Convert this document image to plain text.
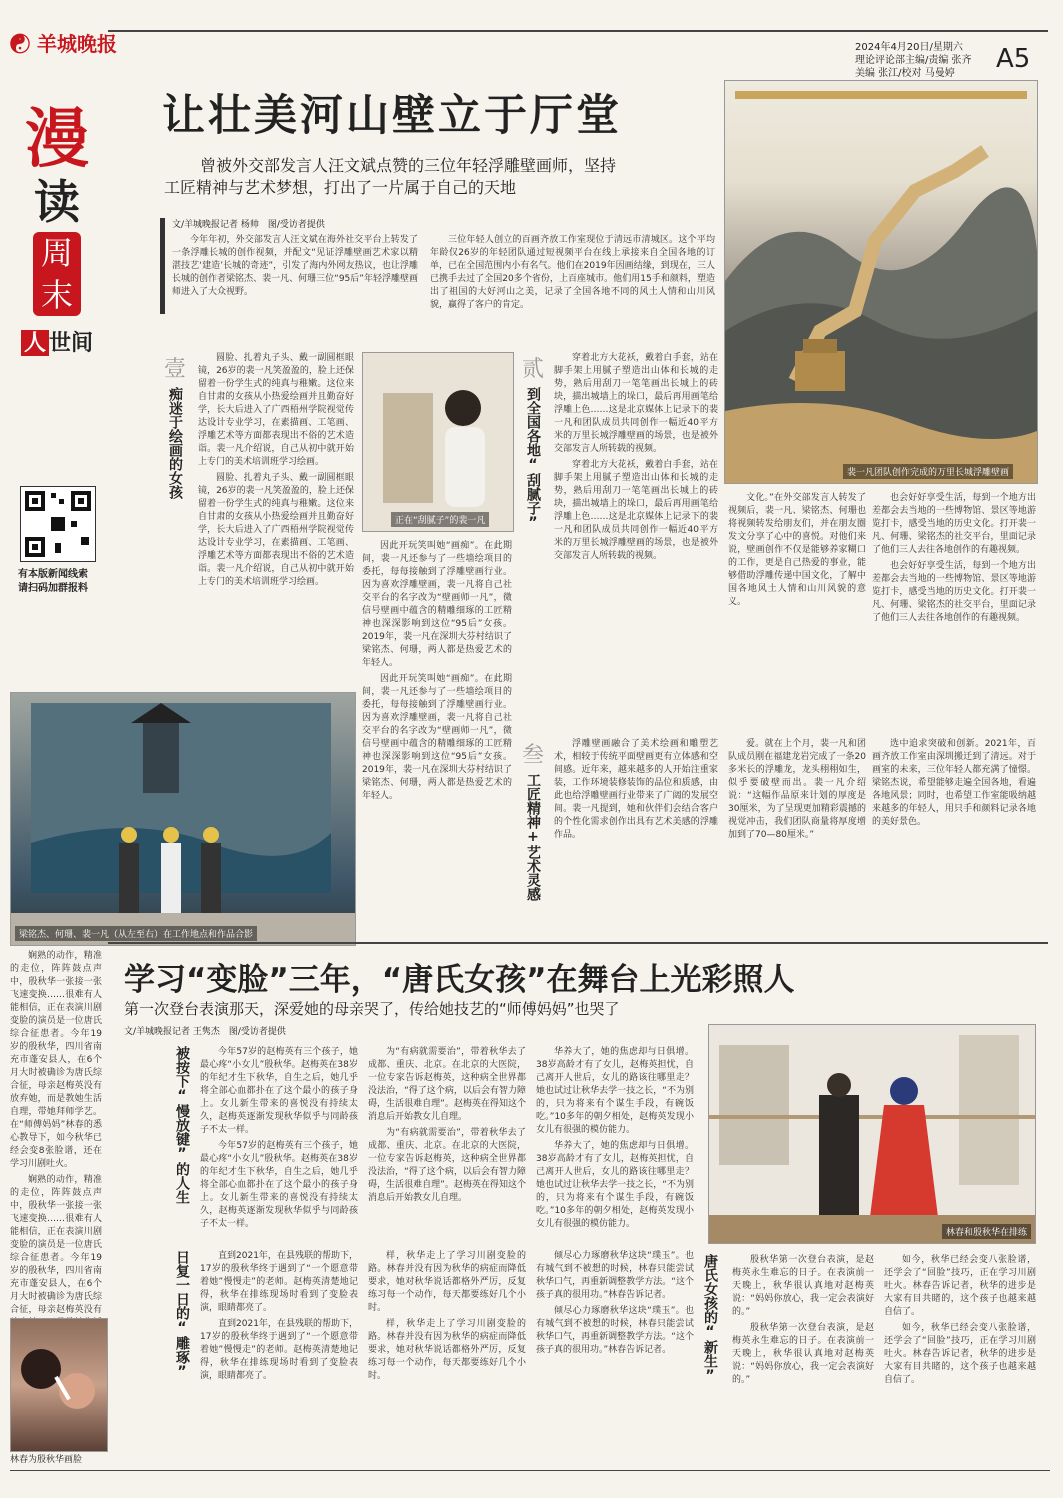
☯ 羊城晚报	2024年4月20日/星期六
理论评论部主编/责编 张齐
美编 张江/校对 马曼婷	A5
漫
读
周
末
人 世间
有本版新闻线索
请扫码加群报料
让壮美河山壁立于厅堂
曾被外交部发言人汪文斌点赞的三位年轻浮雕壁画师，坚持
工匠精神与艺术梦想，打出了一片属于自己的天地
文/羊城晚报记者 杨帅　图/受访者提供

今年年初，外交部发言人汪文斌在海外社交平台上转发了一条浮雕长城的创作视频，并配文“见证浮雕壁画艺术家以精湛技艺‘建造’长城的奇迹”，引发了海内外网友热议，也让浮雕长城的创作者梁铭杰、裴一凡、何珊三位“95后”年轻浮雕壁画师进入了大众视野。

三位年轻人创立的百画齐放工作室现位于清远市清城区。这个平均年龄仅26岁的年轻团队通过短视频平台在线上承接来自全国各地的订单，已在全国范围内小有名气。他们在2019年因画结缘，到现在，三人已携手去过了全国20多个省份，上百座城市。他们用15手和颜料，塑造出了祖国的大好河山之美，记录了全国各地不同的风土人情和山川风貌，赢得了客户的肯定。

裴一凡团队创作完成的万里长城浮雕壁画
壹
痴迷于绘画的女孩
贰
到全国各地“刮腻子”
叁
工匠精神+艺术灵感

圆脸、扎着丸子头、戴一副圆框眼镜，26岁的裴一凡笑盈盈的，脸上还保留着一份学生式的纯真与稚嫩。这位来自甘肃的女孩从小热爱绘画并且勤奋好学，长大后进入了广西梧州学院视觉传达设计专业学习，在素描画、工笔画、浮雕艺术等方面都表现出不俗的艺术造诣。裴一凡介绍说，自己从初中就开始上专门的美术培训班学习绘画。

圆脸、扎着丸子头、戴一副圆框眼镜，26岁的裴一凡笑盈盈的，脸上还保留着一份学生式的纯真与稚嫩。这位来自甘肃的女孩从小热爱绘画并且勤奋好学，长大后进入了广西梧州学院视觉传达设计专业学习，在素描画、工笔画、浮雕艺术等方面都表现出不俗的艺术造诣。裴一凡介绍说，自己从初中就开始上专门的美术培训班学习绘画。

正在“刮腻子”的裴一凡

因此开玩笑叫她“画痴”。在此期间，裴一凡还参与了一些墙绘项目的委托，每每接触到了浮雕壁画行业。因为喜欢浮雕壁画，裴一凡将自己社交平台的名字改为“壁画师一凡”，微信号壁画中蕴含的精雕细琢的工匠精神也深深影响到这位“95后”女孩。2019年，裴一凡在深圳大芬村结识了梁铭杰、何珊，两人都是热爱艺术的年轻人。

因此开玩笑叫她“画痴”。在此期间，裴一凡还参与了一些墙绘项目的委托，每每接触到了浮雕壁画行业。因为喜欢浮雕壁画，裴一凡将自己社交平台的名字改为“壁画师一凡”，微信号壁画中蕴含的精雕细琢的工匠精神也深深影响到这位“95后”女孩。2019年，裴一凡在深圳大芬村结识了梁铭杰、何珊，两人都是热爱艺术的年轻人。

穿着北方大花袄，戴着白手套，站在脚手架上用腻子塑造出山体和长城的走势，熟后用刮刀一笔笔画出长城上的砖块，描出城墙上的垛口，最后再用画笔给浮雕上色……这是北京媒体上记录下的裴一凡和团队成员共同创作一幅近40平方米的万里长城浮雕壁画的场景，也是被外交部发言人所转载的视频。

穿着北方大花袄，戴着白手套，站在脚手架上用腻子塑造出山体和长城的走势，熟后用刮刀一笔笔画出长城上的砖块，描出城墙上的垛口，最后再用画笔给浮雕上色……这是北京媒体上记录下的裴一凡和团队成员共同创作一幅近40平方米的万里长城浮雕壁画的场景，也是被外交部发言人所转载的视频。

文化。”在外交部发言人转发了视频后，裴一凡、梁铭杰、何珊也将视频转发给朋友们，并在朋友圈发文分享了心中的喜悦。对他们来说，壁画创作不仅是能够养家糊口的工作，更是自己热爱的事业，能够借助浮雕传递中国文化，了解中国各地风土人情和山川风貌的意义。

也会好好享受生活，每到一个地方出差都会去当地的一些博物馆、景区等地游览打卡，感受当地的历史文化。打开裴一凡、何珊、梁铭杰的社交平台，里面记录了他们三人去往各地创作的有趣视频。

也会好好享受生活，每到一个地方出差都会去当地的一些博物馆、景区等地游览打卡，感受当地的历史文化。打开裴一凡、何珊、梁铭杰的社交平台，里面记录了他们三人去往各地创作的有趣视频。

浮雕壁画融合了美术绘画和雕塑艺术，相较于传统平面壁画更有立体感和空间感。近年来，越来越多的人开始注重家装，工作环境装修装饰的品位和质感，由此也给浮雕壁画行业带来了广阔的发展空间。裴一凡提到，她和伙伴们会结合客户的个性化需求创作出具有艺术美感的浮雕作品。

爱。就在上个月，裴一凡和团队成员刚在福建龙岩完成了一条20多米长的浮雕龙，龙头栩栩如生，似乎要破壁而出。裴一凡介绍说：“这幅作品原来计划的厚度是30厘米，为了呈现更加精彩震撼的视觉冲击，我们团队商量将厚度增加到了70—80厘米。”

选中追求突破和创新。2021年，百画齐放工作室由深圳搬迁到了清远。对于画室的未来，三位年轻人都充满了憧憬。梁铭杰说，希望能够走遍全国各地，看遍各地风景；同时，也希望工作室能吸纳越来越多的年轻人，用只手和颜料记录各地的美好景色。

梁铭杰、何珊、裴一凡（从左至右）在工作地点和作品合影

娴熟的动作，精准的走位，阵阵鼓点声中，殷秋华一张接一张飞速变换……很难有人能相信，正在表演川剧变脸的演员是一位唐氏综合征患者。今年19岁的殷秋华，四川省南充市蓬安县人，在6个月大时被确诊为唐氏综合征，母亲赵梅英没有放弃她，而是教她生活自理，带她拜师学艺。在“师傅妈妈”林春的悉心教导下，如今秋华已经会变8张脸谱，还在学习川剧吐火。

娴熟的动作，精准的走位，阵阵鼓点声中，殷秋华一张接一张飞速变换……很难有人能相信，正在表演川剧变脸的演员是一位唐氏综合征患者。今年19岁的殷秋华，四川省南充市蓬安县人，在6个月大时被确诊为唐氏综合征，母亲赵梅英没有

林春为殷秋华画脸
学习“变脸”三年，“唐氏女孩”在舞台上光彩照人
第一次登台表演那天，深爱她的母亲哭了，传给她技艺的“师傅妈妈”也哭了
文/羊城晚报记者 王隽杰　图/受访者提供
被按下“慢放键”的人生
日复一日的“雕琢”	唐氏女孩的“新生”

今年57岁的赵梅英有三个孩子，她最心疼“小女儿”殷秋华。赵梅英在38岁的年纪才生下秋华，自生之后，她几乎将全部心血都扑在了这个最小的孩子身上。女儿新生带来的喜悦没有持续太久，赵梅英逐渐发现秋华似乎与同龄孩子不太一样。

今年57岁的赵梅英有三个孩子，她最心疼“小女儿”殷秋华。赵梅英在38岁的年纪才生下秋华，自生之后，她几乎将全部心血都扑在了这个最小的孩子身上。女儿新生带来的喜悦没有持续太久，赵梅英逐渐发现秋华似乎与同龄孩子不太一样。

为“有病就需要治”，带着秋华去了成都、重庆、北京。在北京的大医院，一位专家告诉赵梅英，这种病全世界都没法治，“得了这个病，以后会有智力障碍，生活很难自理”。赵梅英在得知这个消息后开始教女儿自理。

为“有病就需要治”，带着秋华去了成都、重庆、北京。在北京的大医院，一位专家告诉赵梅英，这种病全世界都没法治，“得了这个病，以后会有智力障碍，生活很难自理”。赵梅英在得知这个消息后开始教女儿自理。

华养大了，她的焦虑却与日俱增。38岁高龄才有了女儿，赵梅英担忧，自己离开人世后，女儿的路该往哪里走？她也试过让秋华去学一技之长，“不为别的，只为将来有个谋生手段，有碗饭吃。”10多年的朝夕相处，赵梅英发现小女儿有很强的模仿能力。

华养大了，她的焦虑却与日俱增。38岁高龄才有了女儿，赵梅英担忧，自己离开人世后，女儿的路该往哪里走？她也试过让秋华去学一技之长，“不为别的，只为将来有个谋生手段，有碗饭吃。”10多年的朝夕相处，赵梅英发现小女儿有很强的模仿能力。

直到2021年，在县残联的帮助下，17岁的殷秋华终于遇到了“一个愿意带着她”慢慢走”的老师。赵梅英清楚地记得，秋华在排练现场时看到了变脸表演，眼睛都亮了。

直到2021年，在县残联的帮助下，17岁的殷秋华终于遇到了“一个愿意带着她”慢慢走”的老师。赵梅英清楚地记得，秋华在排练现场时看到了变脸表演，眼睛都亮了。

样，秋华走上了学习川剧变脸的路。林春并没有因为秋华的病症而降低要求，她对秋华说话都格外严厉，反复练习每一个动作，每天都要练好几个小时。

样，秋华走上了学习川剧变脸的路。林春并没有因为秋华的病症而降低要求，她对秋华说话都格外严厉，反复练习每一个动作，每天都要练好几个小时。

倾尽心力琢磨秋华这块“璞玉”。也有城气到不被想的时候，林春只能尝试秋华口气，再重新调整教学方法。“这个孩子真的很用功。”林春告诉记者。

倾尽心力琢磨秋华这块“璞玉”。也有城气到不被想的时候，林春只能尝试秋华口气，再重新调整教学方法。“这个孩子真的很用功。”林春告诉记者。

林春和殷秋华在排练

殷秋华第一次登台表演，是赵梅英永生难忘的日子。在表演前一天晚上，秋华很认真地对赵梅英说：“妈妈你放心，我一定会表演好的。”

殷秋华第一次登台表演，是赵梅英永生难忘的日子。在表演前一天晚上，秋华很认真地对赵梅英说：“妈妈你放心，我一定会表演好的。”

如今，秋华已经会变八张脸谱，还学会了“回脸”技巧，正在学习川剧吐火。林春告诉记者，秋华的进步是大家有目共睹的，这个孩子也越来越自信了。

如今，秋华已经会变八张脸谱，还学会了“回脸”技巧，正在学习川剧吐火。林春告诉记者，秋华的进步是大家有目共睹的，这个孩子也越来越自信了。
